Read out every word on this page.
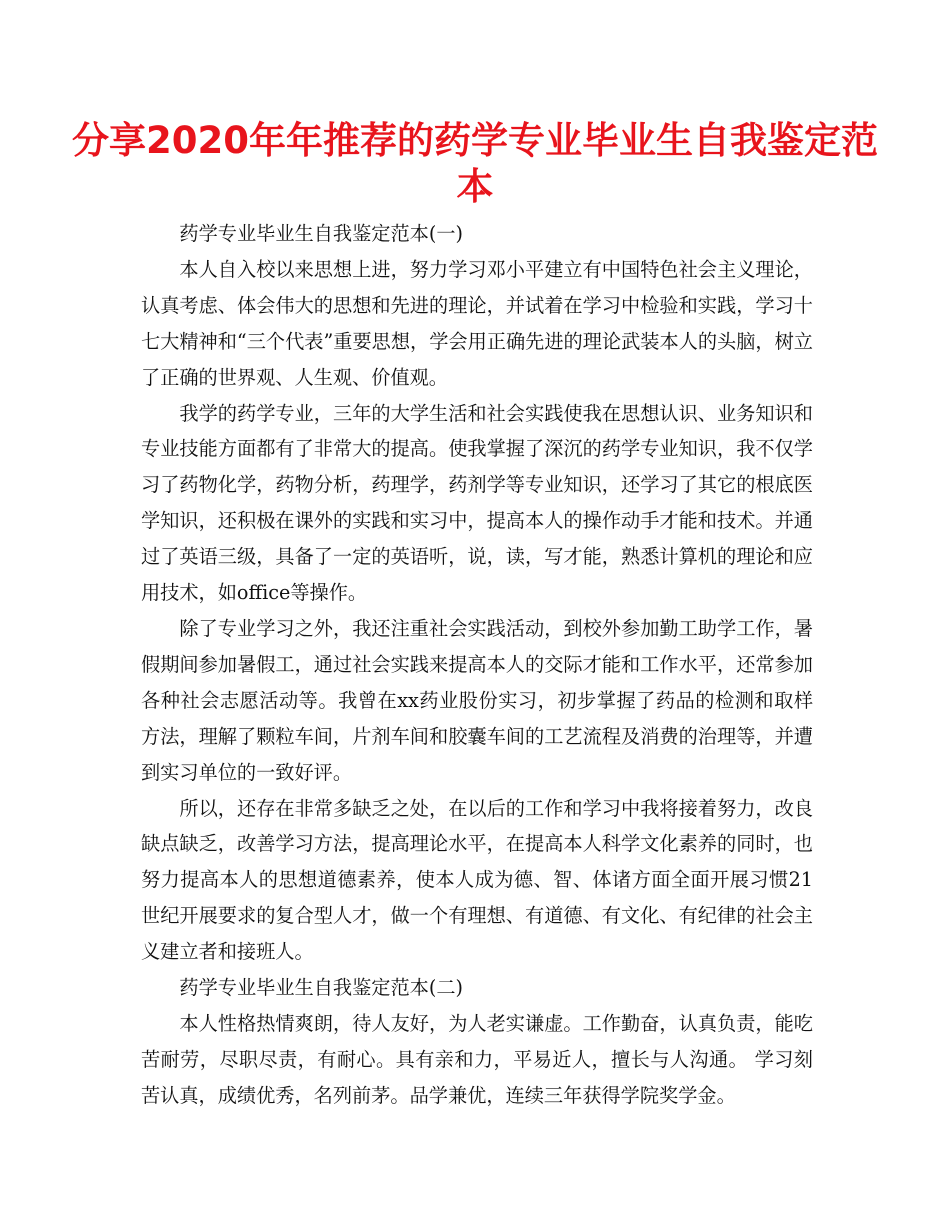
分享2020年年推荐的药学专业毕业生自我鉴定范本

药学专业毕业生自我鉴定范本(一)

本人自入校以来思想上进，努力学习邓小平建立有中国特色社会主义理论，认真考虑、体会伟大的思想和先进的理论，并试着在学习中检验和实践，学习十七大精神和“三个代表”重要思想，学会用正确先进的理论武装本人的头脑，树立了正确的世界观、人生观、价值观。

我学的药学专业，三年的大学生活和社会实践使我在思想认识、业务知识和专业技能方面都有了非常大的提高。使我掌握了深沉的药学专业知识，我不仅学习了药物化学，药物分析，药理学，药剂学等专业知识，还学习了其它的根底医学知识，还积极在课外的实践和实习中，提高本人的操作动手才能和技术。并通过了英语三级，具备了一定的英语听，说，读，写才能，熟悉计算机的理论和应用技术，如office等操作。

除了专业学习之外，我还注重社会实践活动，到校外参加勤工助学工作，暑假期间参加暑假工，通过社会实践来提高本人的交际才能和工作水平，还常参加各种社会志愿活动等。我曾在xx药业股份实习，初步掌握了药品的检测和取样方法，理解了颗粒车间，片剂车间和胶囊车间的工艺流程及消费的治理等，并遭到实习单位的一致好评。

所以，还存在非常多缺乏之处，在以后的工作和学习中我将接着努力，改良缺点缺乏，改善学习方法，提高理论水平，在提高本人科学文化素养的同时，也努力提高本人的思想道德素养，使本人成为德、智、体诸方面全面开展习惯21世纪开展要求的复合型人才，做一个有理想、有道德、有文化、有纪律的社会主义建立者和接班人。

药学专业毕业生自我鉴定范本(二)

本人性格热情爽朗，待人友好，为人老实谦虚。工作勤奋，认真负责，能吃苦耐劳，尽职尽责，有耐心。具有亲和力，平易近人，擅长与人沟通。 学习刻苦认真，成绩优秀，名列前茅。品学兼优，连续三年获得学院奖学金。
